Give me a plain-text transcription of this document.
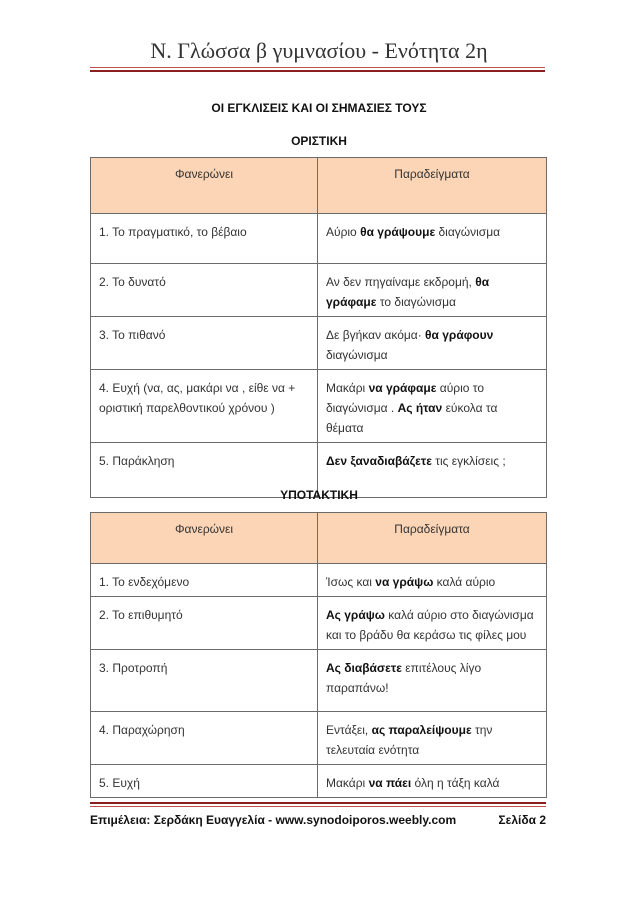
Ν. Γλώσσα β γυμνασίου - Ενότητα 2η
ΟΙ ΕΓΚΛΙΣΕΙΣ ΚΑΙ ΟΙ ΣΗΜΑΣΙΕΣ ΤΟΥΣ
ΟΡΙΣΤΙΚΗ
Φανερώνει	Παραδείγματα
1. Το πραγματικό, το βέβαιο	Αύριο θα γράψουμε διαγώνισμα
2. Το δυνατό	Αν δεν πηγαίναμε εκδρομή, θα γράφαμε το διαγώνισμα
3. Το πιθανό	Δε βγήκαν ακόμα· θα γράφουν διαγώνισμα
4. Ευχή (να, ας, μακάρι να , είθε να + οριστική παρελθοντικού χρόνου )	Μακάρι να γράφαμε αύριο το διαγώνισμα . Ας ήταν εύκολα τα θέματα
5. Παράκληση	Δεν ξαναδιαβάζετε τις εγκλίσεις ;
ΥΠΟΤΑΚΤΙΚΗ
Φανερώνει	Παραδείγματα
1. Το ενδεχόμενο	Ίσως και να γράψω καλά αύριο
2. Το επιθυμητό	Ας γράψω καλά αύριο στο διαγώνισμα και το βράδυ θα κεράσω τις φίλες μου
3. Προτροπή	Ας διαβάσετε επιτέλους λίγο παραπάνω!
4. Παραχώρηση	Εντάξει, ας παραλείψουμε την τελευταία ενότητα
5. Ευχή	Μακάρι να πάει όλη η τάξη καλά
Επιμέλεια: Σερδάκη Ευαγγελία - www.synodoiporos.weebly.com	Σελίδα 2
